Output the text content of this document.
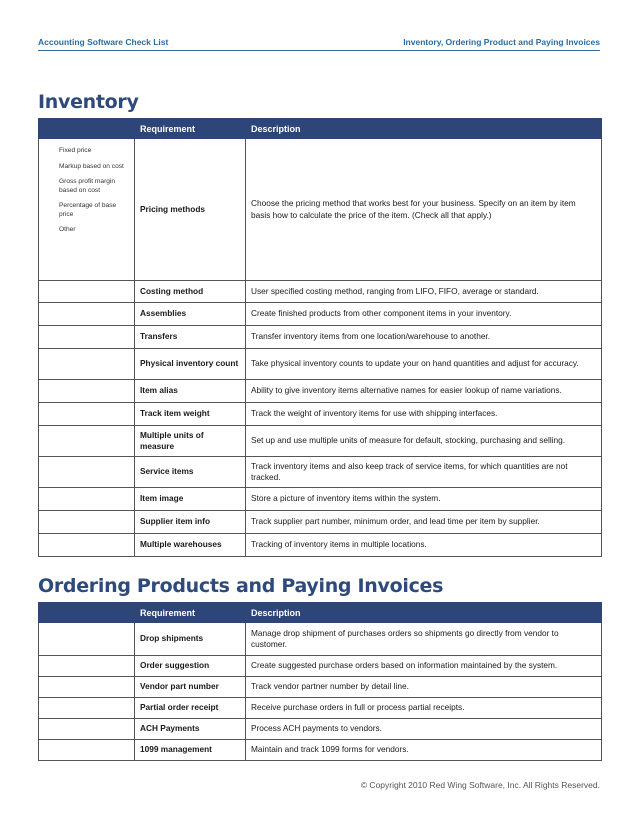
Accounting Software Check List	Inventory, Ordering Product and Paying Invoices
Inventory
	Requirement	Description

Fixed price
Markup based on cost
Gross profit margin based on cost
Percentage of base price
Other	Pricing methods	Choose the pricing method that works best for your business. Specify on an item by item basis how to calculate the price of the item. (Check all that apply.)
	Costing method	User specified costing method, ranging from LIFO, FIFO, average or standard.
	Assemblies	Create finished products from other component items in your inventory.
	Transfers	Transfer inventory items from one location/warehouse to another.
	Physical inventory count	Take physical inventory counts to update your on hand quantities and adjust for accuracy.
	Item alias	Ability to give inventory items alternative names for easier lookup of name variations.
	Track item weight	Track the weight of inventory items for use with shipping interfaces.
	Multiple units of measure	Set up and use multiple units of measure for default, stocking, purchasing and selling.
	Service items	Track inventory items and also keep track of service items, for which quantities are not tracked.
	Item image	Store a picture of inventory items within the system.
	Supplier item info	Track supplier part number, minimum order, and lead time per item by supplier.
	Multiple warehouses	Tracking of inventory items in multiple locations.
Ordering Products and Paying Invoices
	Requirement	Description
	Drop shipments	Manage drop shipment of purchases orders so shipments go directly from vendor to customer.
	Order suggestion	Create suggested purchase orders based on information maintained by the system.
	Vendor part number	Track vendor partner number by detail line.
	Partial order receipt	Receive purchase orders in full or process partial receipts.
	ACH Payments	Process ACH payments to vendors.
	1099 management	Maintain and track 1099 forms for vendors.
© Copyright 2010 Red Wing Software, Inc. All Rights Reserved.
